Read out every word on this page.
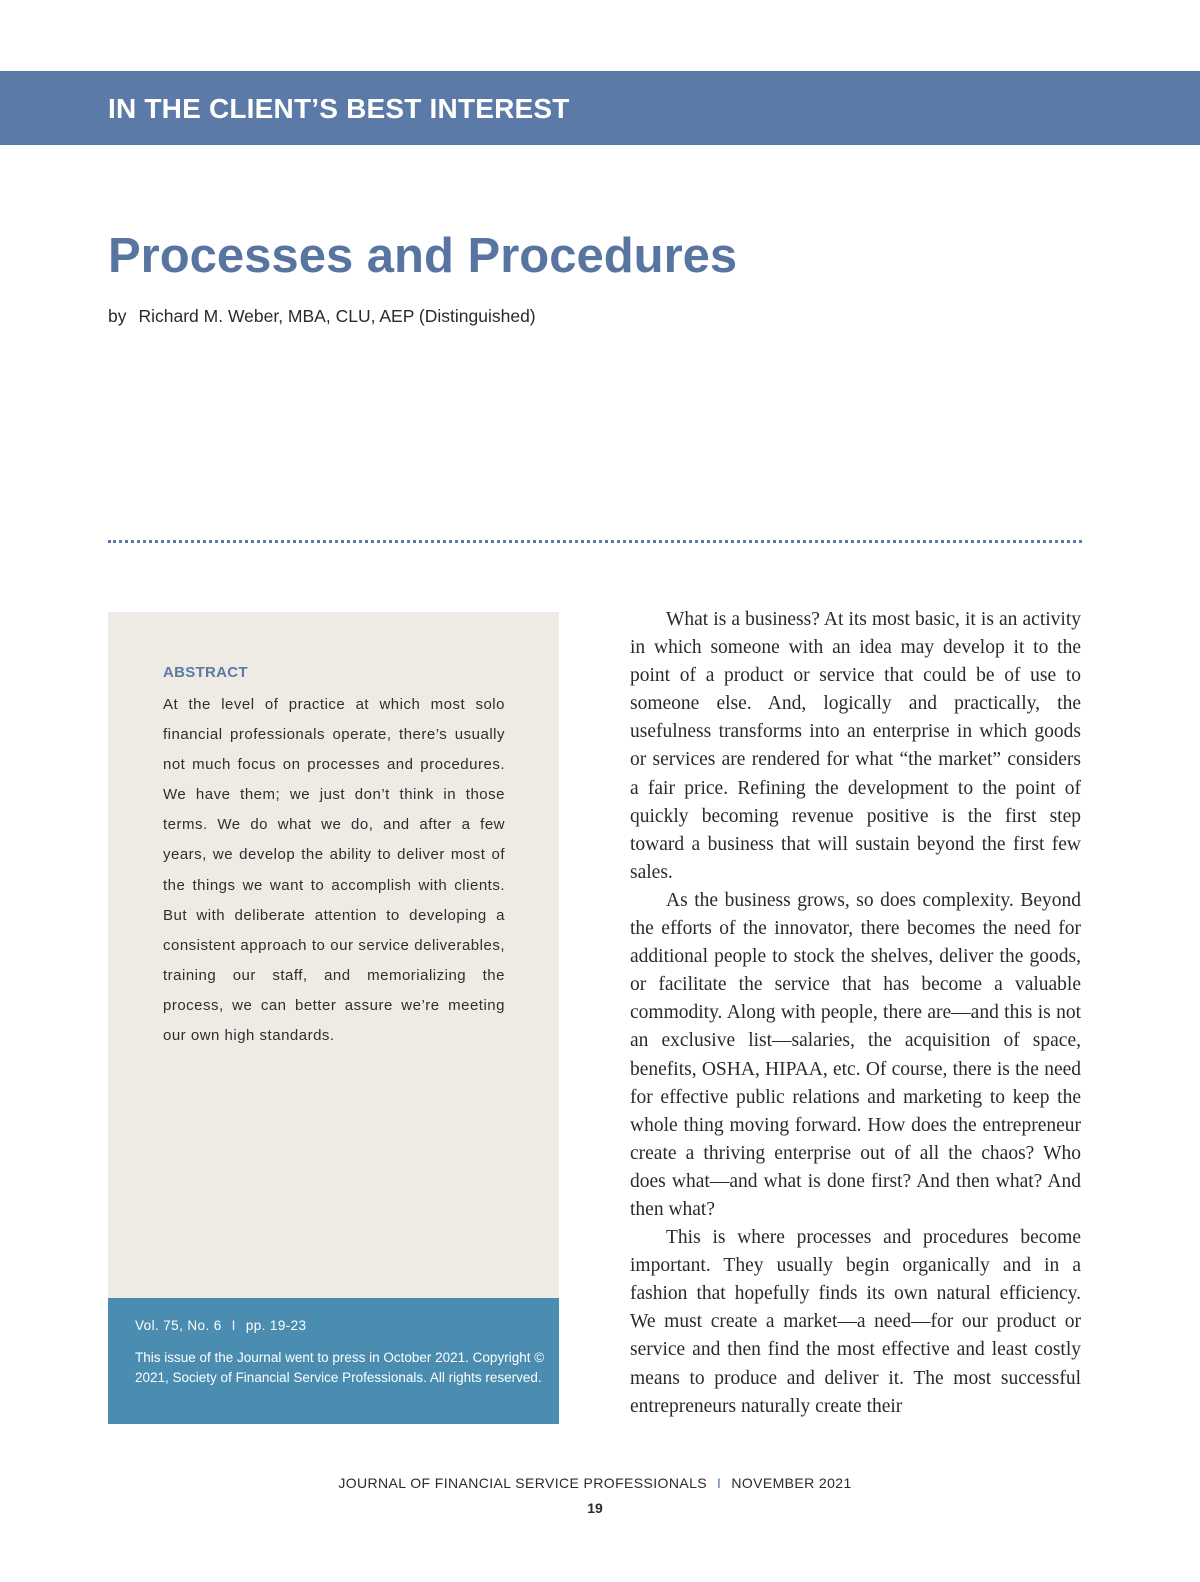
IN THE CLIENT’S BEST INTEREST
Processes and Procedures

by Richard M. Weber, MBA, CLU, AEP (Distinguished)

ABSTRACT

At the level of practice at which most solo financial professionals operate, there’s usually not much focus on processes and procedures. We have them; we just don’t think in those terms. We do what we do, and after a few years, we develop the ability to deliver most of the things we want to accomplish with clients. But with deliberate attention to developing a consistent approach to our service deliverables, training our staff, and memorializing the process, we can better assure we’re meeting our own high standards.

Vol. 75, No. 6 I pp. 19-23

This issue of the Journal went to press in October 2021. Copyright © 2021, Society of Financial Service Professionals. All rights reserved.

What is a business? At its most basic, it is an activity in which someone with an idea may develop it to the point of a product or service that could be of use to someone else. And, logically and practically, the usefulness transforms into an enterprise in which goods or services are rendered for what “the market” considers a fair price. Refining the development to the point of quickly becoming revenue positive is the first step toward a business that will sustain beyond the first few sales.

As the business grows, so does complexity. Beyond the efforts of the innovator, there becomes the need for additional people to stock the shelves, deliver the goods, or facilitate the service that has become a valuable commodity. Along with people, there are—and this is not an exclusive list—salaries, the acquisition of space, benefits, OSHA, HIPAA, etc. Of course, there is the need for effective public relations and marketing to keep the whole thing moving forward. How does the entrepreneur create a thriving enterprise out of all the chaos? Who does what—and what is done first? And then what? And then what?

This is where processes and procedures become important. They usually begin organically and in a fashion that hopefully finds its own natural efficiency. We must create a market—a need—for our product or service and then find the most effective and least costly means to produce and deliver it. The most successful entrepreneurs naturally create their

JOURNAL OF FINANCIAL SERVICE PROFESSIONALS I NOVEMBER 2021

19
